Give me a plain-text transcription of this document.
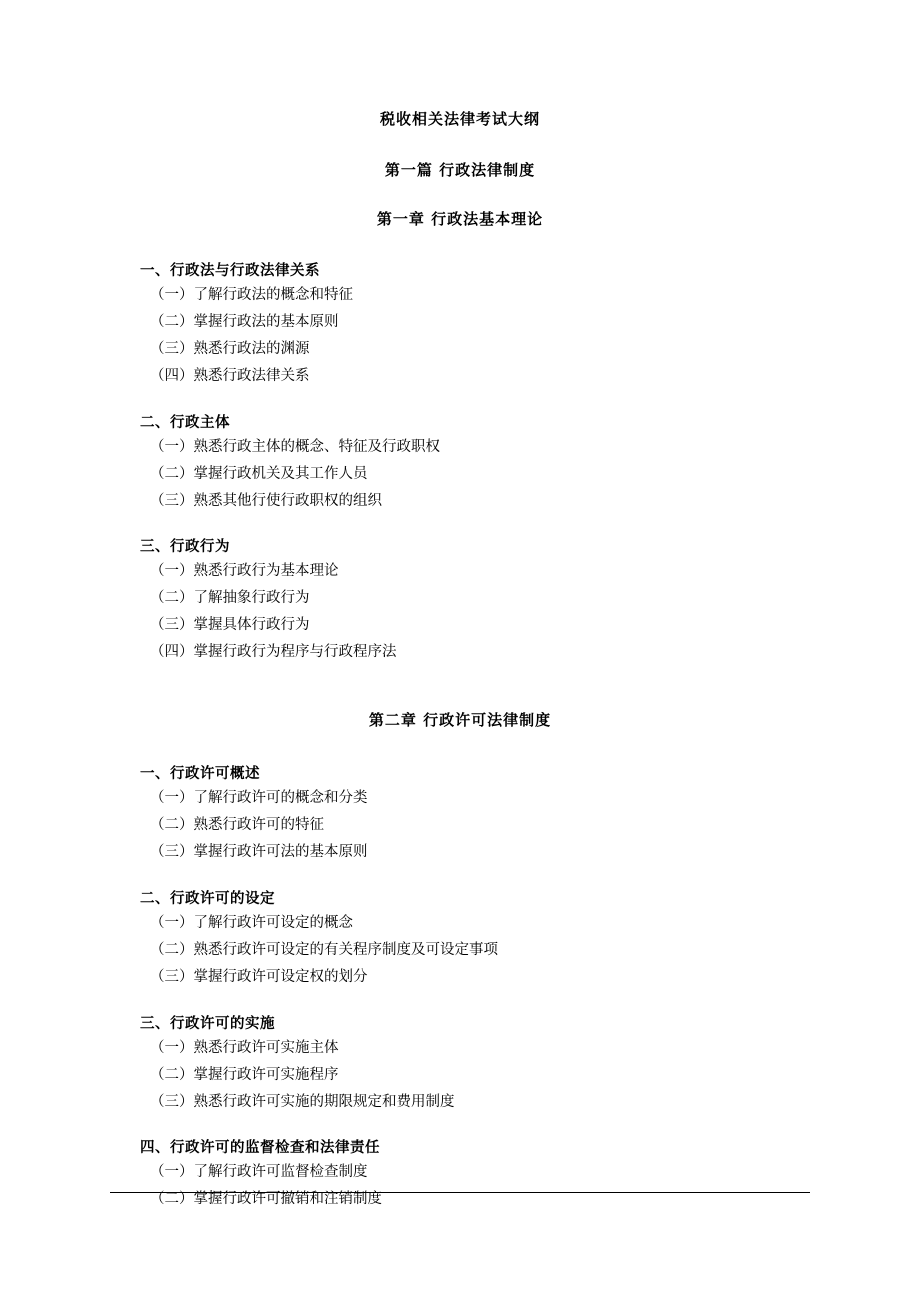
税收相关法律考试大纲
第一篇 行政法律制度
第一章 行政法基本理论
一、行政法与行政法律关系
（一）了解行政法的概念和特征
（二）掌握行政法的基本原则
（三）熟悉行政法的渊源
（四）熟悉行政法律关系
二、行政主体
（一）熟悉行政主体的概念、特征及行政职权
（二）掌握行政机关及其工作人员
（三）熟悉其他行使行政职权的组织
三、行政行为
（一）熟悉行政行为基本理论
（二）了解抽象行政行为
（三）掌握具体行政行为
（四）掌握行政行为程序与行政程序法
第二章 行政许可法律制度
一、行政许可概述
（一）了解行政许可的概念和分类
（二）熟悉行政许可的特征
（三）掌握行政许可法的基本原则
二、行政许可的设定
（一）了解行政许可设定的概念
（二）熟悉行政许可设定的有关程序制度及可设定事项
（三）掌握行政许可设定权的划分
三、行政许可的实施
（一）熟悉行政许可实施主体
（二）掌握行政许可实施程序
（三）熟悉行政许可实施的期限规定和费用制度
四、行政许可的监督检查和法律责任
（一）了解行政许可监督检查制度
（二）掌握行政许可撤销和注销制度
